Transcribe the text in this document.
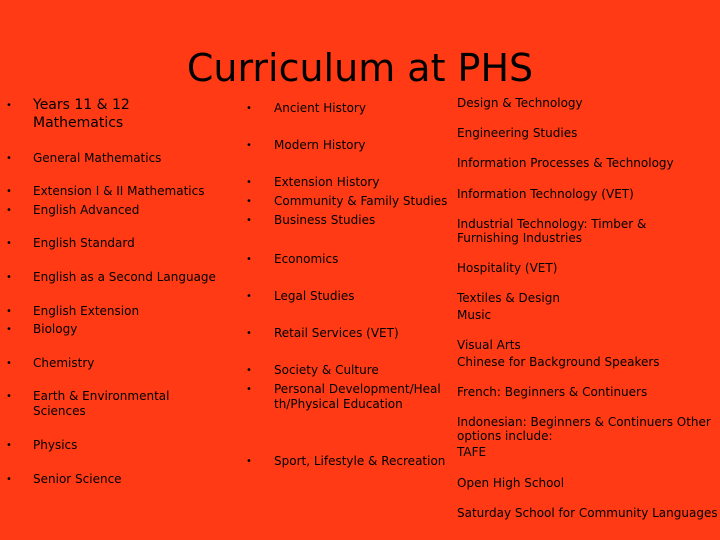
Curriculum at PHS
• Years 11 & 12 Mathematics
• General Mathematics
• Extension I & II Mathematics
• English Advanced
• English Standard
• English as a Second Language
• English Extension
• Biology
• Chemistry
• Earth & Environmental Sciences
• Physics
• Senior Science
• Ancient History
• Modern History
• Extension History
• Community & Family Studies
• Business Studies
• Economics
• Legal Studies
• Retail Services (VET)
• Society & Culture
• Personal Development/Health/Physical Education
• Sport, Lifestyle & Recreation
Design & Technology
Engineering Studies
Information Processes & Technology
Information Technology (VET)
Industrial Technology: Timber & Furnishing Industries
Hospitality (VET)
Textiles & Design
Music
Visual Arts
Chinese for Background Speakers
French: Beginners & Continuers
Indonesian: Beginners & Continuers Other options include:
TAFE
Open High School
Saturday School for Community Languages
